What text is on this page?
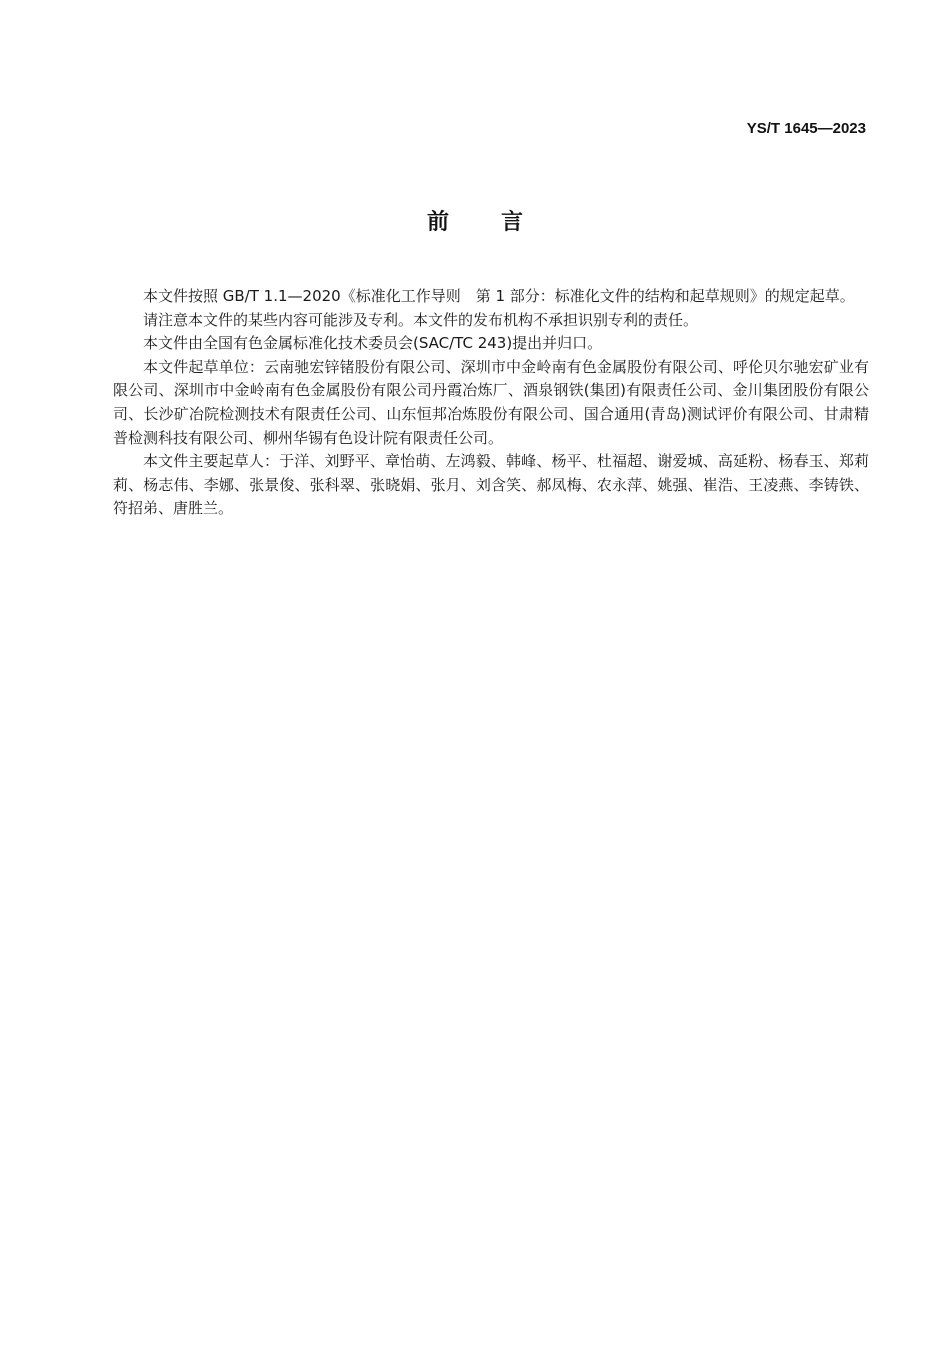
YS/T 1645—2023
前 言

本文件按照 GB/T 1.1—2020《标准化工作导则　第 1 部分：标准化文件的结构和起草规则》的规定起草。

请注意本文件的某些内容可能涉及专利。本文件的发布机构不承担识别专利的责任。

本文件由全国有色金属标准化技术委员会(SAC/TC 243)提出并归口。

本文件起草单位：云南驰宏锌锗股份有限公司、深圳市中金岭南有色金属股份有限公司、呼伦贝尔驰宏矿业有限公司、深圳市中金岭南有色金属股份有限公司丹霞冶炼厂、酒泉钢铁(集团)有限责任公司、金川集团股份有限公司、长沙矿冶院检测技术有限责任公司、山东恒邦冶炼股份有限公司、国合通用(青岛)测试评价有限公司、甘肃精普检测科技有限公司、柳州华锡有色设计院有限责任公司。

本文件主要起草人：于洋、刘野平、章怡萌、左鸿毅、韩峰、杨平、杜福超、谢爱城、高延粉、杨春玉、郑莉莉、杨志伟、李娜、张景俊、张科翠、张晓娟、张月、刘含笑、郝凤梅、农永萍、姚强、崔浩、王凌燕、李铸铁、符招弟、唐胜兰。
